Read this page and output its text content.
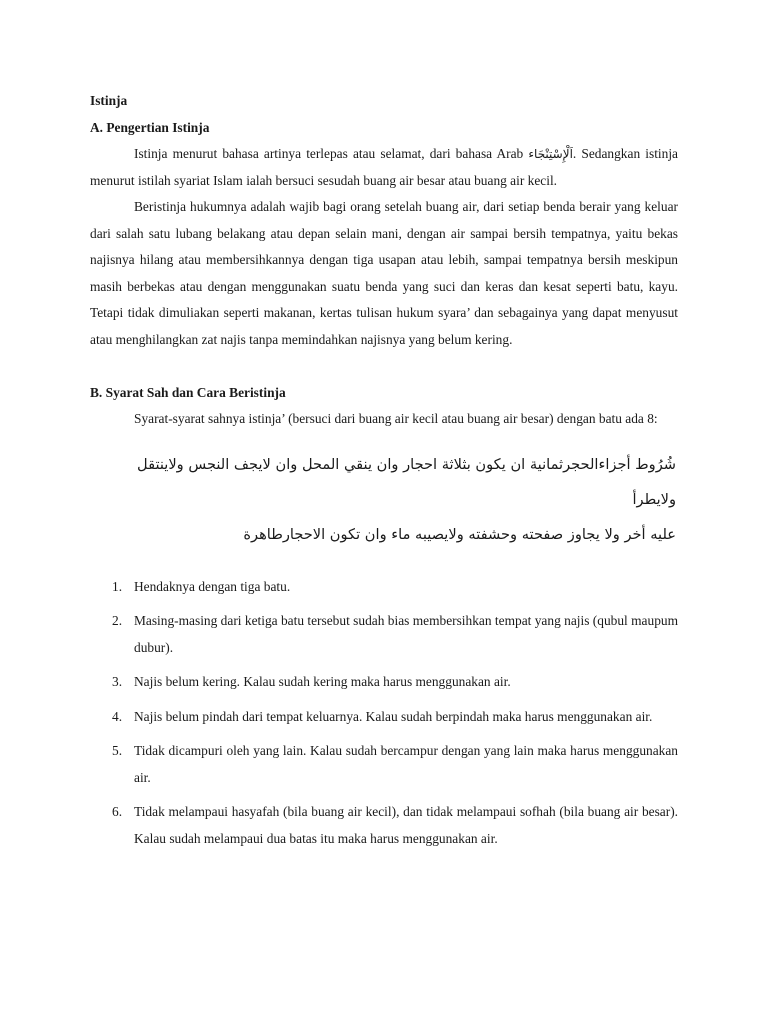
Istinja

A. Pengertian Istinja

Istinja menurut bahasa artinya terlepas atau selamat, dari bahasa Arab اَلْإِسْتِنْجَاء. Sedangkan istinja menurut istilah syariat Islam ialah bersuci sesudah buang air besar atau buang air kecil.

Beristinja hukumnya adalah wajib bagi orang setelah buang air, dari setiap benda berair yang keluar dari salah satu lubang belakang atau depan selain mani, dengan air sampai bersih tempatnya, yaitu bekas najisnya hilang atau membersihkannya dengan tiga usapan atau lebih, sampai tempatnya bersih meskipun masih berbekas atau dengan menggunakan suatu benda yang suci dan keras dan kesat seperti batu, kayu. Tetapi tidak dimuliakan seperti makanan, kertas tulisan hukum syara’ dan sebagainya yang dapat menyusut atau menghilangkan zat najis tanpa memindahkan najisnya yang belum kering.

B. Syarat Sah dan Cara Beristinja

Syarat-syarat sahnya istinja’ (bersuci dari buang air kecil atau buang air besar) dengan batu ada 8:

شُرُوط أجزاءالحجرثمانية ان يكون بثلاثة احجار وان ينقي المحل وان لايجف النجس ولاينتقل ولايطرأ
عليه أخر ولا يجاوز صفحته وحشفته ولايصيبه ماء وان تكون الاحجارطاهرة
1. Hendaknya dengan tiga batu.
2. Masing-masing dari ketiga batu tersebut sudah bias membersihkan tempat yang najis (qubul maupum dubur).
3. Najis belum kering. Kalau sudah kering maka harus menggunakan air.
4. Najis belum pindah dari tempat keluarnya. Kalau sudah berpindah maka harus menggunakan air.
5. Tidak dicampuri oleh yang lain. Kalau sudah bercampur dengan yang lain maka harus menggunakan air.
6. Tidak melampaui hasyafah (bila buang air kecil), dan tidak melampaui sofhah (bila buang air besar). Kalau sudah melampaui dua batas itu maka harus menggunakan air.
